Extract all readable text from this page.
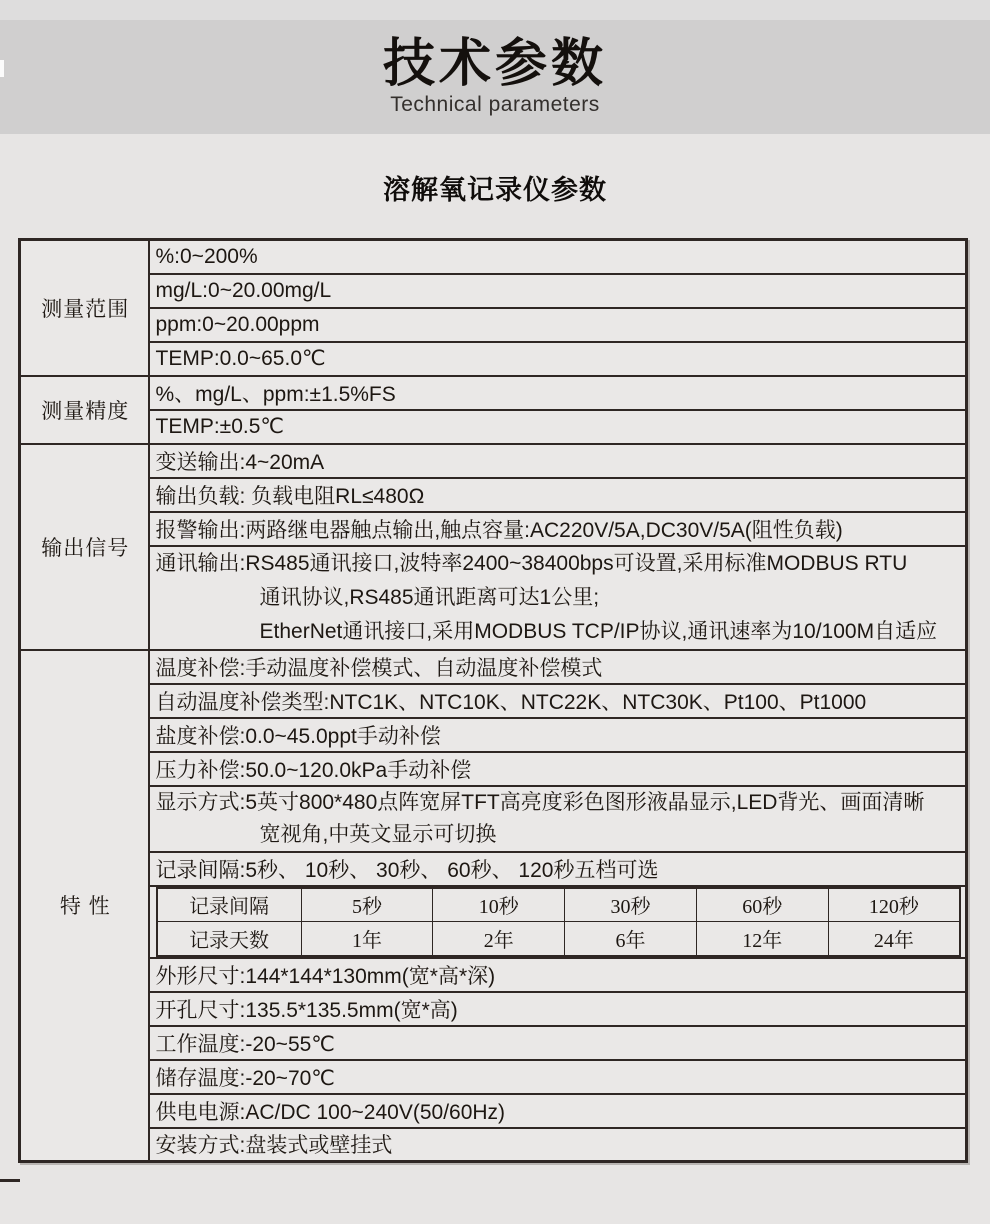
技术参数
Technical parameters
溶解氧记录仪参数
测量范围	%:0~200%
mg/L:0~20.00mg/L
ppm:0~20.00ppm
TEMP:0.0~65.0℃
测量精度	%、mg/L、ppm:±1.5%FS
TEMP:±0.5℃
输出信号	变送输出:4~20mA
输出负载: 负载电阻RL≤480Ω
报警输出:两路继电器触点输出,触点容量:AC220V/5A,DC30V/5A(阻性负载)

通讯输出:RS485通讯接口,波特率2400~38400bps可设置,采用标准MODBUS RTU
通讯协议,RS485通讯距离可达1公里;
EtherNet通讯接口,采用MODBUS TCP/IP协议,通讯速率为10/100M自适应

特 性	温度补偿:手动温度补偿模式、自动温度补偿模式
自动温度补偿类型:NTC1K、NTC10K、NTC22K、NTC30K、Pt100、Pt1000
盐度补偿:0.0~45.0ppt手动补偿
压力补偿:50.0~120.0kPa手动补偿

显示方式:5英寸800*480点阵宽屏TFT高亮度彩色图形液晶显示,LED背光、画面清晰
宽视角,中英文显示可切换

记录间隔:5秒、 10秒、 30秒、 60秒、 120秒五档可选

记录间隔	5秒	10秒	30秒	60秒	120秒
记录天数	1年	2年	6年	12年	24年

外形尺寸:144*144*130mm(宽*高*深)
开孔尺寸:135.5*135.5mm(宽*高)
工作温度:-20~55℃
储存温度:-20~70℃
供电电源:AC/DC 100~240V(50/60Hz)
安装方式:盘装式或壁挂式
